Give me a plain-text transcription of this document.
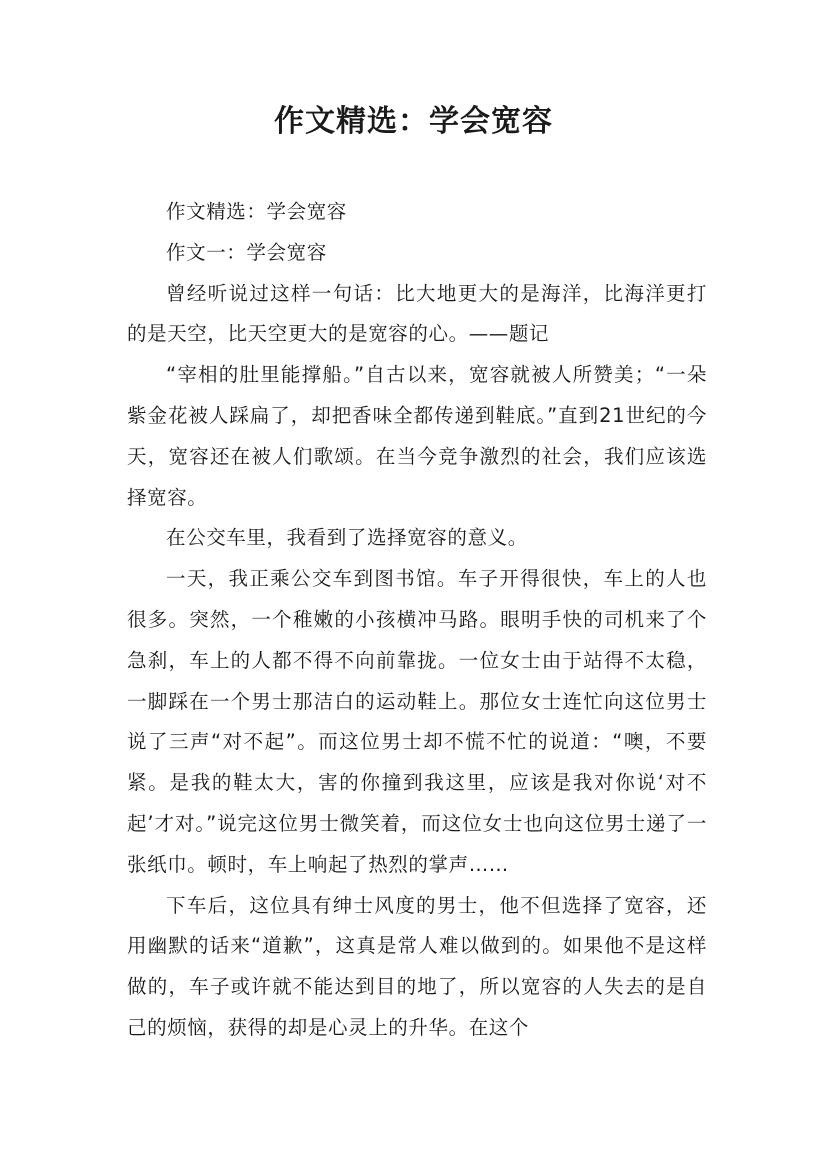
作文精选：学会宽容

作文精选：学会宽容

作文一：学会宽容

曾经听说过这样一句话：比大地更大的是海洋，比海洋更打的是天空，比天空更大的是宽容的心。——题记

“宰相的肚里能撑船。”自古以来，宽容就被人所赞美；“一朵紫金花被人踩扁了，却把香味全都传递到鞋底。”直到21世纪的今天，宽容还在被人们歌颂。在当今竞争激烈的社会，我们应该选择宽容。

在公交车里，我看到了选择宽容的意义。

一天，我正乘公交车到图书馆。车子开得很快，车上的人也很多。突然，一个稚嫩的小孩横冲马路。眼明手快的司机来了个急刹，车上的人都不得不向前靠拢。一位女士由于站得不太稳，一脚踩在一个男士那洁白的运动鞋上。那位女士连忙向这位男士说了三声“对不起”。而这位男士却不慌不忙的说道：“噢，不要紧。是我的鞋太大，害的你撞到我这里，应该是我对你说‘对不起’才对。”说完这位男士微笑着，而这位女士也向这位男士递了一张纸巾。顿时，车上响起了热烈的掌声……

下车后，这位具有绅士风度的男士，他不但选择了宽容，还用幽默的话来“道歉”，这真是常人难以做到的。如果他不是这样做的，车子或许就不能达到目的地了，所以宽容的人失去的是自己的烦恼，获得的却是心灵上的升华。在这个
